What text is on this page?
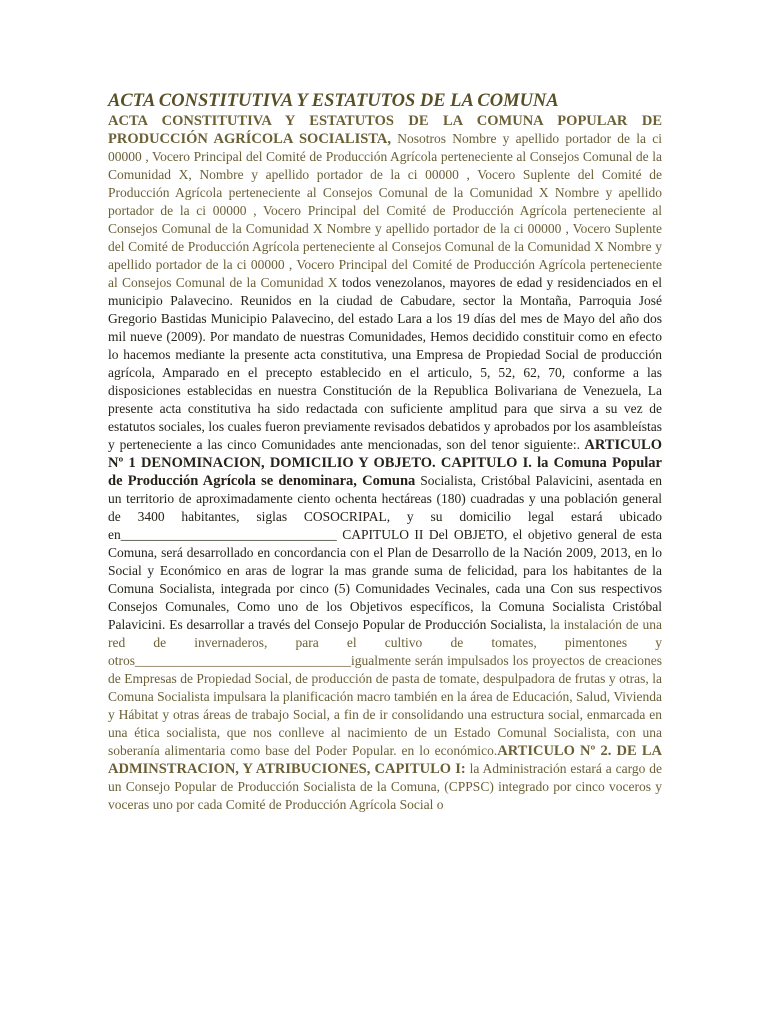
ACTA CONSTITUTIVA Y ESTATUTOS DE LA COMUNA

ACTA CONSTITUTIVA Y ESTATUTOS DE LA COMUNA POPULAR DE PRODUCCIÓN AGRÍCOLA SOCIALISTA, Nosotros Nombre y apellido portador de la ci 00000 , Vocero Principal del Comité de Producción Agrícola perteneciente al Consejos Comunal de la Comunidad X, Nombre y apellido portador de la ci 00000 , Vocero Suplente del Comité de Producción Agrícola perteneciente al Consejos Comunal de la Comunidad X Nombre y apellido portador de la ci 00000 , Vocero Principal del Comité de Producción Agrícola perteneciente al Consejos Comunal de la Comunidad X Nombre y apellido portador de la ci 00000 , Vocero Suplente del Comité de Producción Agrícola perteneciente al Consejos Comunal de la Comunidad X Nombre y apellido portador de la ci 00000 , Vocero Principal del Comité de Producción Agrícola perteneciente al Consejos Comunal de la Comunidad X todos venezolanos, mayores de edad y residenciados en el municipio Palavecino. Reunidos en la ciudad de Cabudare, sector la Montaña, Parroquia José Gregorio Bastidas Municipio Palavecino, del estado Lara a los 19 días del mes de Mayo del año dos mil nueve (2009). Por mandato de nuestras Comunidades, Hemos decidido constituir como en efecto lo hacemos mediante la presente acta constitutiva, una Empresa de Propiedad Social de producción agrícola, Amparado en el precepto establecido en el articulo, 5, 52, 62, 70, conforme a las disposiciones establecidas en nuestra Constitución de la Republica Bolivariana de Venezuela, La presente acta constitutiva ha sido redactada con suficiente amplitud para que sirva a su vez de estatutos sociales, los cuales fueron previamente revisados debatidos y aprobados por los asambleístas y perteneciente a las cinco Comunidades ante mencionadas, son del tenor siguiente:. ARTICULO Nº 1 DENOMINACION, DOMICILIO Y OBJETO. CAPITULO I. la Comuna Popular de Producción Agrícola se denominara, Comuna Socialista, Cristóbal Palavicini, asentada en un territorio de aproximadamente ciento ochenta hectáreas (180) cuadradas y una población general de 3400 habitantes, siglas COSOCRIPAL, y su domicilio legal estará ubicado en________________________________ CAPITULO II Del OBJETO, el objetivo general de esta Comuna, será desarrollado en concordancia con el Plan de Desarrollo de la Nación 2009, 2013, en lo Social y Económico en aras de lograr la mas grande suma de felicidad, para los habitantes de la Comuna Socialista, integrada por cinco (5) Comunidades Vecinales, cada una Con sus respectivos Consejos Comunales, Como uno de los Objetivos específicos, la Comuna Socialista Cristóbal Palavicini. Es desarrollar a través del Consejo Popular de Producción Socialista, la instalación de una red de invernaderos, para el cultivo de tomates, pimentones y otros________________________________igualmente serán impulsados los proyectos de creaciones de Empresas de Propiedad Social, de producción de pasta de tomate, despulpadora de frutas y otras, la Comuna Socialista impulsara la planificación macro también en la área de Educación, Salud, Vivienda y Hábitat y otras áreas de trabajo Social, a fin de ir consolidando una estructura social, enmarcada en una ética socialista, que nos conlleve al nacimiento de un Estado Comunal Socialista, con una soberanía alimentaria como base del Poder Popular. en lo económico.ARTICULO Nº 2. DE LA ADMINSTRACION, Y ATRIBUCIONES, CAPITULO I: la Administración estará a cargo de un Consejo Popular de Producción Socialista de la Comuna, (CPPSC) integrado por cinco voceros y voceras uno por cada Comité de Producción Agrícola Social o
